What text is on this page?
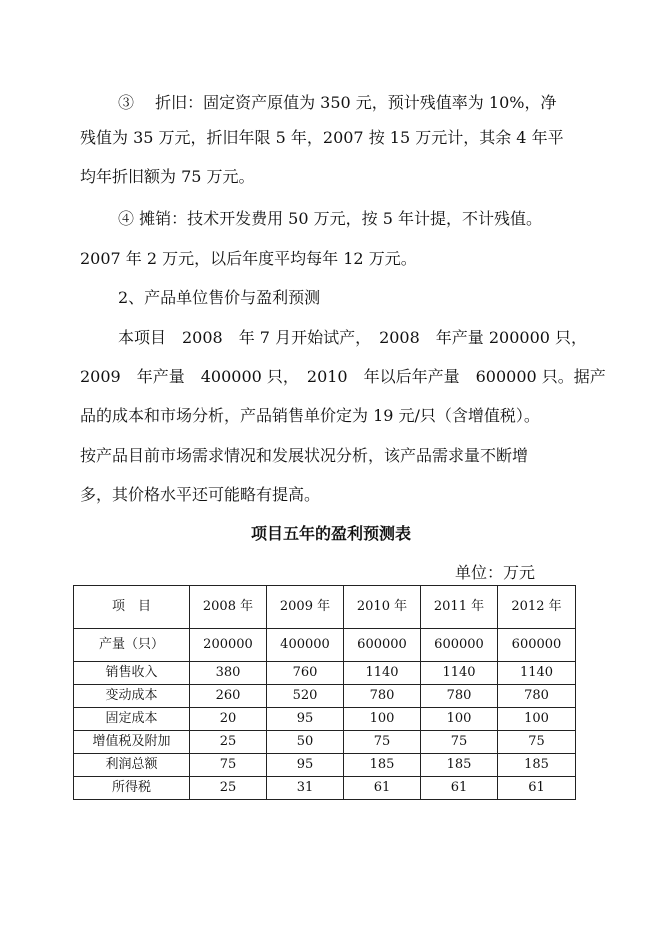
③　 折旧：固定资产原值为 350 元，预计残值率为 10%，净
残值为 35 万元，折旧年限 5 年，2007 按 15 万元计，其余 4 年平
均年折旧额为 75 万元。
④ 摊销：技术开发费用 50 万元，按 5 年计提，不计残值。
2007 年 2 万元，以后年度平均每年 12 万元。
2、产品单位售价与盈利预测
本项目　2008　年 7 月开始试产，　2008　年产量 200000 只，
2009　年产量　400000 只，　2010　年以后年产量　600000 只。据产
品的成本和市场分析，产品销售单价定为 19 元/只（含增值税）。
按产品目前市场需求情况和发展状况分析，该产品需求量不断增
多，其价格水平还可能略有提高。
项目五年的盈利预测表
单位：万元
项　目	2008 年	2009 年	2010 年	2011 年	2012 年
产量（只）	200000	400000	600000	600000	600000
销售收入	380	760	1140	1140	1140
变动成本	260	520	780	780	780
固定成本	20	95	100	100	100
增值税及附加	25	50	75	75	75
利润总额	75	95	185	185	185
所得税	25	31	61	61	61
